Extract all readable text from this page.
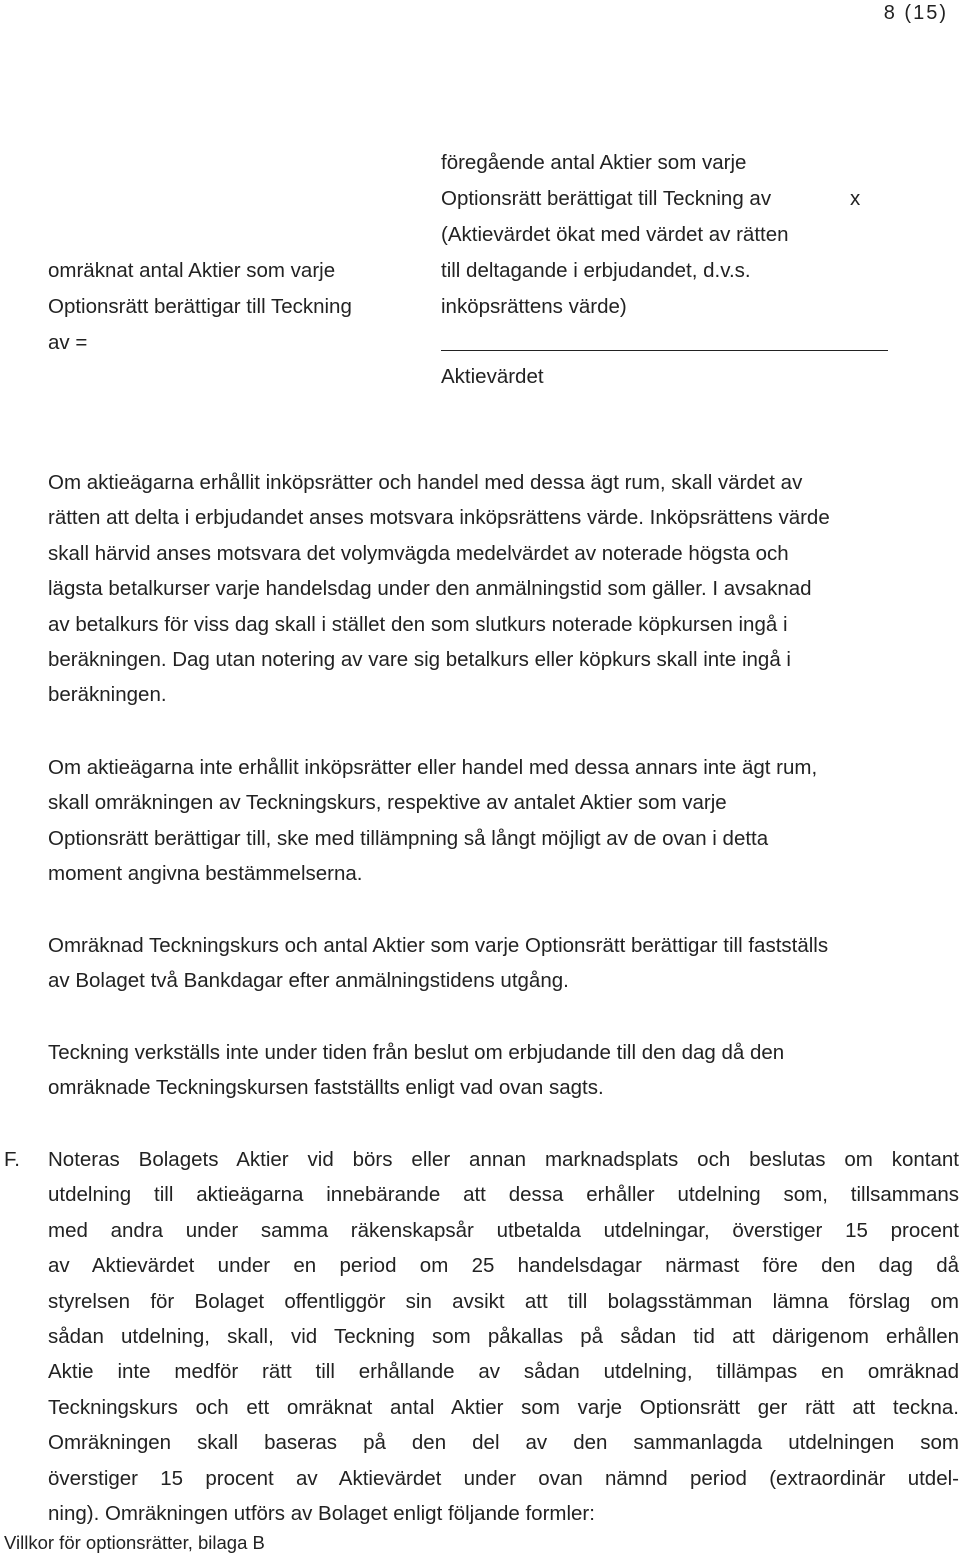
8 (15)
omräknat antal Aktier som varje
Optionsrätt berättigar till Teckning
av =
föregående antal Aktier som varje
Optionsrätt berättigat till Teckning av
(Aktievärdet ökat med värdet av rätten
till deltagande i erbjudandet, d.v.s.
inköpsrättens värde)
x
Aktievärdet

Om aktieägarna erhållit inköpsrätter och handel med dessa ägt rum, skall värdet av
rätten att delta i erbjudandet anses motsvara inköpsrättens värde. Inköpsrättens värde
skall härvid anses motsvara det volymvägda medelvärdet av noterade högsta och
lägsta betalkurser varje handelsdag under den anmälningstid som gäller. I avsaknad
av betalkurs för viss dag skall i stället den som slutkurs noterade köpkursen ingå i
beräkningen. Dag utan notering av vare sig betalkurs eller köpkurs skall inte ingå i
beräkningen.

Om aktieägarna inte erhållit inköpsrätter eller handel med dessa annars inte ägt rum,
skall omräkningen av Teckningskurs, respektive av antalet Aktier som varje
Optionsrätt berättigar till, ske med tillämpning så långt möjligt av de ovan i detta
moment angivna bestämmelserna.

Omräknad Teckningskurs och antal Aktier som varje Optionsrätt berättigar till fastställs
av Bolaget två Bankdagar efter anmälningstidens utgång.

Teckning verkställs inte under tiden från beslut om erbjudande till den dag då den
omräknade Teckningskursen fastställts enligt vad ovan sagts.

F. Noteras Bolagets Aktier vid börs eller annan marknadsplats och beslutas om kontant
utdelning till aktieägarna innebärande att dessa erhåller utdelning som, tillsammans
med andra under samma räkenskapsår utbetalda utdelningar, överstiger 15 procent
av Aktievärdet under en period om 25 handelsdagar närmast före den dag då
styrelsen för Bolaget offentliggör sin avsikt att till bolagsstämman lämna förslag om
sådan utdelning, skall, vid Teckning som påkallas på sådan tid att därigenom erhållen
Aktie inte medför rätt till erhållande av sådan utdelning, tillämpas en omräknad
Teckningskurs och ett omräknat antal Aktier som varje Optionsrätt ger rätt att teckna.
Omräkningen skall baseras på den del av den sammanlagda utdelningen som
överstiger 15 procent av Aktievärdet under ovan nämnd period (extraordinär utdel-
ning). Omräkningen utförs av Bolaget enligt följande formler:

Villkor för optionsrätter, bilaga B
